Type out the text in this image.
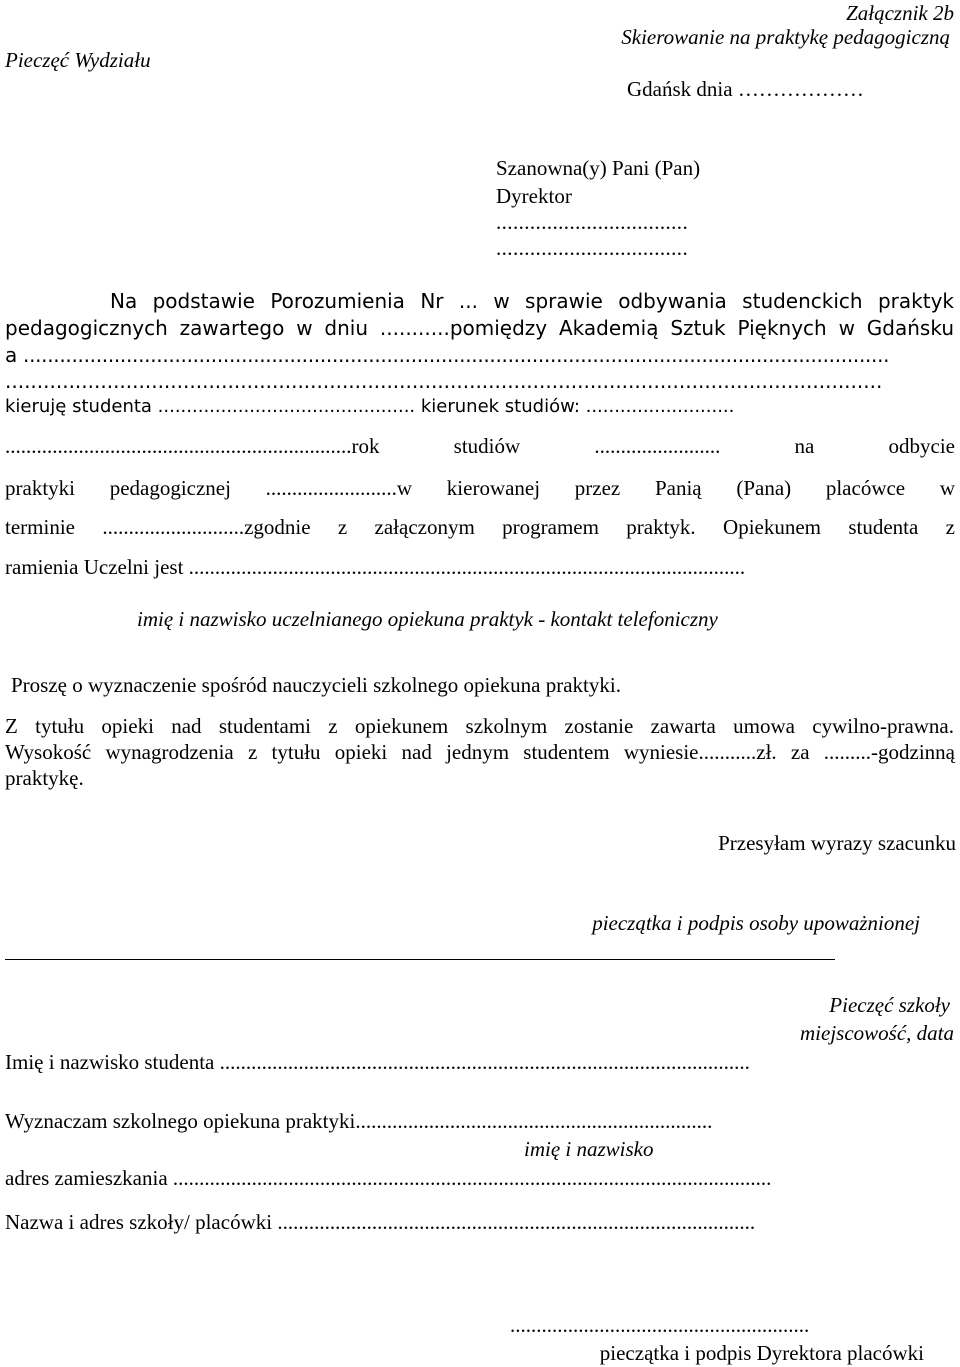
Załącznik 2b
Skierowanie na praktykę pedagogiczną
Pieczęć Wydziału
Gdańsk dnia ………………
Szanowna(y) Pani (Pan)
Dyrektor
..................................
..................................
Na podstawie Porozumienia Nr ... w sprawie odbywania studenckich praktyk
pedagogicznych zawartego w dniu ...........pomiędzy Akademią Sztuk Pięknych w Gdańsku
a ...............................................................................................................................................
..........................................................................................................................................
kieruję studenta ............................................. kierunek studiów: ..........................
..................................................................rok studiów ........................ na odbycie
praktyki pedagogicznej .........................w kierowanej przez Panią (Pana) placówce w
terminie ...........................zgodnie z załączonym programem praktyk. Opiekunem studenta z
ramienia Uczelni jest ..........................................................................................................
imię i nazwisko uczelnianego opiekuna praktyk - kontakt telefoniczny
Proszę o wyznaczenie spośród nauczycieli szkolnego opiekuna praktyki.
Z tytułu opieki nad studentami z opiekunem szkolnym zostanie zawarta umowa cywilno-prawna.
Wysokość wynagrodzenia z tytułu opieki nad jednym studentem wyniesie...........zł. za .........-godzinną
praktykę.
Przesyłam wyrazy szacunku
pieczątka i podpis osoby upoważnionej
Pieczęć szkoły
miejscowość, data
Imię i nazwisko studenta .....................................................................................................
Wyznaczam szkolnego opiekuna praktyki....................................................................
imię i nazwisko
adres zamieszkania ..................................................................................................................
Nazwa i adres szkoły/ placówki ...........................................................................................
.........................................................
pieczątka i podpis Dyrektora placówki
